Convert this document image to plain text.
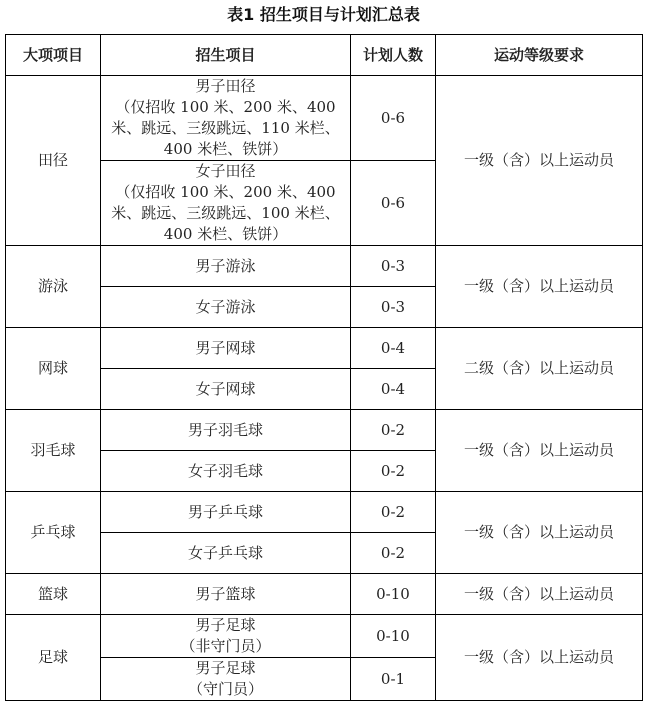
表1 招生项目与计划汇总表
大项项目	招生项目	计划人数	运动等级要求
田径	男子田径
（仅招收 100 米、200 米、400
米、跳远、三级跳远、110 米栏、
400 米栏、铁饼）	0-6	一级（含）以上运动员

	女子田径
（仅招收 100 米、200 米、400
米、跳远、三级跳远、100 米栏、
400 米栏、铁饼）	0-6	
游泳	男子游泳	0-3	一级（含）以上运动员
	女子游泳	0-3	
网球	男子网球	0-4	二级（含）以上运动员
	女子网球	0-4	
羽毛球	男子羽毛球	0-2	一级（含）以上运动员
	女子羽毛球	0-2	
乒乓球	男子乒乓球	0-2	一级（含）以上运动员
	女子乒乓球	0-2	
篮球	男子篮球	0-10	一级（含）以上运动员
足球	男子足球
（非守门员）	0-10	一级（含）以上运动员

	男子足球
（守门员）	0-1	
